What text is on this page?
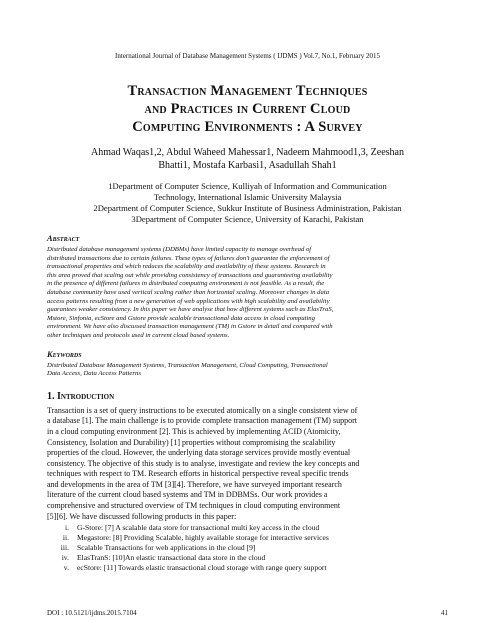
International Journal of Database Management Systems ( IJDMS ) Vol.7, No.1, February 2015
Transaction Management Techniques
and Practices in Current Cloud
Computing Environments : A Survey
Ahmad Waqas1,2, Abdul Waheed Mahessar1, Nadeem Mahmood1,3, Zeeshan
Bhatti1, Mostafa Karbasi1, Asadullah Shah1
1Department of Computer Science, Kulliyah of Information and Communication
Technology, International Islamic University Malaysia
2Department of Computer Science, Sukkur Institute of Business Administration, Pakistan
3Department of Computer Science, University of Karachi, Pakistan
Abstract
Distributed database management systems (DDBMs) have limited capacity to manage overhead of
distributed transactions due to certain failures. These types of failures don't guarantee the enforcement of
transactional properties and which reduces the scalability and availability of these systems. Research in
this area proved that scaling out while providing consistency of transactions and guaranteeing availability
in the presence of different failures in distributed computing environment is not feasible. As a result, the
database community have used vertical scaling rather than horizontal scaling. Moreover changes in data
access patterns resulting from a new generation of web applications with high scalability and availability
guarantees weaker consistency. In this paper we have analyse that how different systems such as ElasTraS,
Mstore, Sinfonia, ecStore and Gstore provide scalable transactional data access in cloud computing
environment. We have also discussed transaction management (TM) in Gstore in detail and compared with
other techniques and protocols used in current cloud based systems.
Keywords
Distributed Database Management Systems, Transaction Management, Cloud Computing, Transactional
Data Access, Data Access Patterns
1. Introduction
Transaction is a set of query instructions to be executed atomically on a single consistent view of
a database [1]. The main challenge is to provide complete transaction management (TM) support
in a cloud computing environment [2]. This is achieved by implementing ACID (Atomicity,
Consistency, Isolation and Durability) [1] properties without compromising the scalability
properties of the cloud. However, the underlying data storage services provide mostly eventual
consistency. The objective of this study is to analyse, investigate and review the key concepts and
techniques with respect to TM. Research efforts in historical perspective reveal specific trends
and developments in the area of TM [3][4]. Therefore, we have surveyed important research
literature of the current cloud based systems and TM in DDBMSs. Our work provides a
comprehensive and structured overview of TM techniques in cloud computing environment
[5][6]. We have discussed following products in this paper:
i.	G-Store: [7] A scalable data store for transactional multi key access in the cloud
ii.	Megastore: [8] Providing Scalable, highly available storage for interactive services
iii.	Scalable Transactions for web applications in the cloud [9]
iv.	ElasTranS: [10]An elastic transactional data store in the cloud
v.	ecStore: [11] Towards elastic transactional cloud storage with range query support
DOI : 10.5121/ijdms.2015.7104	41
